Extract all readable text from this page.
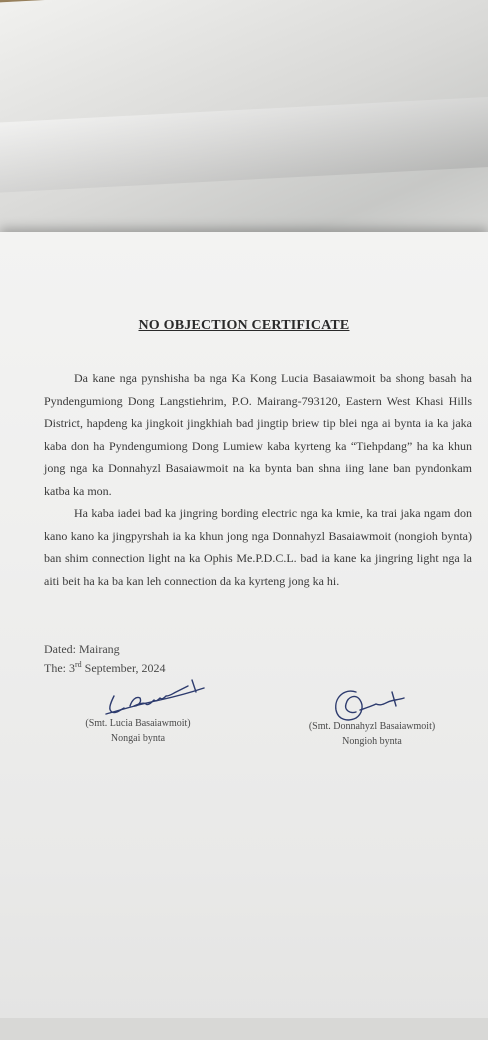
NO OBJECTION CERTIFICATE

Da kane nga pynshisha ba nga Ka Kong Lucia Basaiawmoit ba shong basah ha Pyndengumiong Dong Langstiehrim, P.O. Mairang-793120, Eastern West Khasi Hills District, hapdeng ka jingkoit jingkhiah bad jingtip briew tip blei nga ai bynta ia ka jaka kaba don ha Pyndengumiong Dong Lumiew kaba kyrteng ka “Tiehpdang” ha ka khun jong nga ka Donnahyzl Basaiawmoit na ka bynta ban shna iing lane ban pyndonkam katba ka mon.

Ha kaba iadei bad ka jingring bording electric nga ka kmie, ka trai jaka ngam don kano kano ka jingpyrshah ia ka khun jong nga Donnahyzl Basaiawmoit (nongioh bynta) ban shim connection light na ka Ophis Me.P.D.C.L. bad ia kane ka jingring light nga la aiti beit ha ka ba kan leh connection da ka kyrteng jong ka hi.

Dated: Mairang
The: 3rd September, 2024
(Smt. Lucia Basaiawmoit)
Nongai bynta
(Smt. Donnahyzl Basaiawmoit)
Nongioh bynta
